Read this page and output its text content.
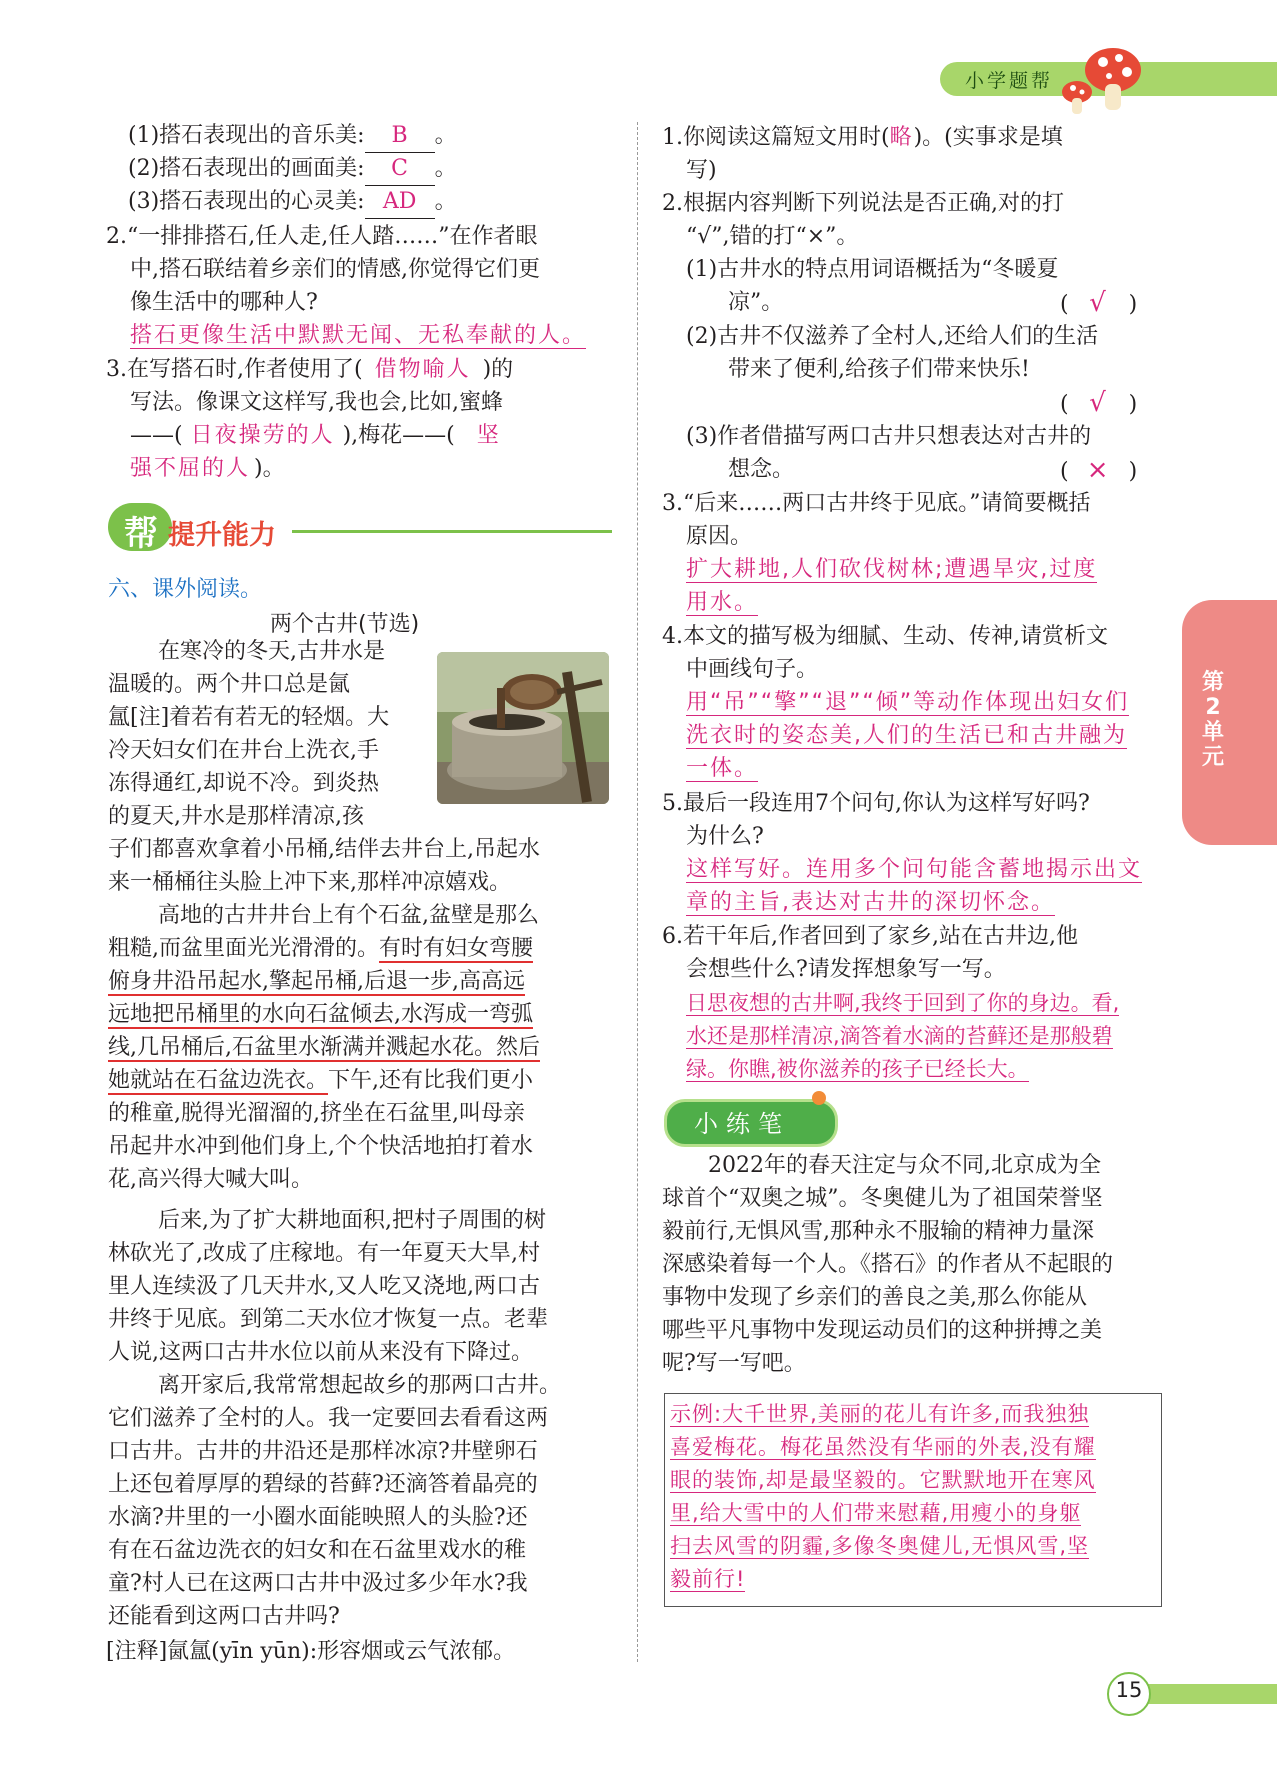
小学题帮
第2单元
(1)搭石表现出的音乐美: B 。
(2)搭石表现出的画面美: C 。
(3)搭石表现出的心灵美: AD 。
2.“一排排搭石,任人走,任人踏……”在作者眼
中,搭石联结着乡亲们的情感,你觉得它们更
像生活中的哪种人?
搭石更像生活中默默无闻、无私奉献的人。
3.在写搭石时,作者使用了( 借物喻人 )的
写法。像课文这样写,我也会,比如,蜜蜂
——( 日夜操劳的人 ),梅花——( 坚
强不屈的人 )。
帮 提升能力
六、课外阅读。
两个古井(节选)
在寒冷的冬天,古井水是
温暖的。两个井口总是氤
氲[注]着若有若无的轻烟。大
冷天妇女们在井台上洗衣,手
冻得通红,却说不冷。到炎热
的夏天,井水是那样清凉,孩
子们都喜欢拿着小吊桶,结伴去井台上,吊起水
来一桶桶往头脸上冲下来,那样冲凉嬉戏。
高地的古井井台上有个石盆,盆壁是那么
粗糙,而盆里面光光滑滑的。有时有妇女弯腰
俯身井沿吊起水,擎起吊桶,后退一步,高高远
远地把吊桶里的水向石盆倾去,水泻成一弯弧
线,几吊桶后,石盆里水渐满并溅起水花。然后
她就站在石盆边洗衣。下午,还有比我们更小
的稚童,脱得光溜溜的,挤坐在石盆里,叫母亲
吊起井水冲到他们身上,个个快活地拍打着水
花,高兴得大喊大叫。
后来,为了扩大耕地面积,把村子周围的树
林砍光了,改成了庄稼地。有一年夏天大旱,村
里人连续汲了几天井水,又人吃又浇地,两口古
井终于见底。到第二天水位才恢复一点。老辈
人说,这两口古井水位以前从来没有下降过。
离开家后,我常常想起故乡的那两口古井。
它们滋养了全村的人。我一定要回去看看这两
口古井。古井的井沿还是那样冰凉?井壁卵石
上还包着厚厚的碧绿的苔藓?还滴答着晶亮的
水滴?井里的一小圈水面能映照人的头脸?还
有在石盆边洗衣的妇女和在石盆里戏水的稚
童?村人已在这两口古井中汲过多少年水?我
还能看到这两口古井吗?
[注释]氤氲(yīn yūn):形容烟或云气浓郁。
1.你阅读这篇短文用时(略)。(实事求是填
写)
2.根据内容判断下列说法是否正确,对的打
“√”,错的打“×”。
(1)古井水的特点用词语概括为“冬暖夏
凉”。	( √ )
(2)古井不仅滋养了全村人,还给人们的生活
带来了便利,给孩子们带来快乐!
( √ )
(3)作者借描写两口古井只想表达对古井的
想念。	( × )
3.“后来……两口古井终于见底。”请简要概括
原因。
扩大耕地,人们砍伐树林;遭遇旱灾,过度
用水。
4.本文的描写极为细腻、生动、传神,请赏析文
中画线句子。
用“吊”“擎”“退”“倾”等动作体现出妇女们
洗衣时的姿态美,人们的生活已和古井融为
一体。
5.最后一段连用7个问句,你认为这样写好吗?
为什么?
这样写好。连用多个问句能含蓄地揭示出文
章的主旨,表达对古井的深切怀念。
6.若干年后,作者回到了家乡,站在古井边,他
会想些什么?请发挥想象写一写。
日思夜想的古井啊,我终于回到了你的身边。看,
水还是那样清凉,滴答着水滴的苔藓还是那般碧
绿。你瞧,被你滋养的孩子已经长大。
小练笔
2022年的春天注定与众不同,北京成为全
球首个“双奥之城”。冬奥健儿为了祖国荣誉坚
毅前行,无惧风雪,那种永不服输的精神力量深
深感染着每一个人。《搭石》的作者从不起眼的
事物中发现了乡亲们的善良之美,那么你能从
哪些平凡事物中发现运动员们的这种拼搏之美
呢?写一写吧。
示例:大千世界,美丽的花儿有许多,而我独独
喜爱梅花。梅花虽然没有华丽的外表,没有耀
眼的装饰,却是最坚毅的。它默默地开在寒风
里,给大雪中的人们带来慰藉,用瘦小的身躯
扫去风雪的阴霾,多像冬奥健儿,无惧风雪,坚
毅前行!
15
